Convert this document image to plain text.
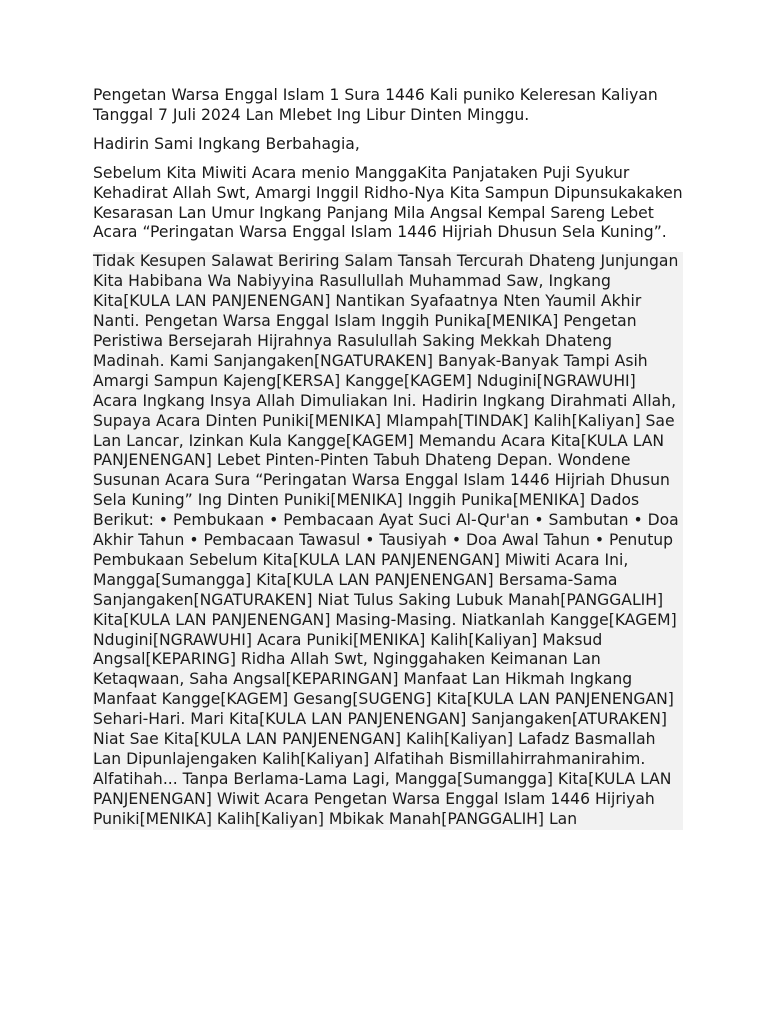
Pengetan Warsa Enggal Islam 1 Sura 1446 Kali puniko Keleresan Kaliyan Tanggal 7 Juli 2024 Lan Mlebet Ing Libur Dinten Minggu.

Hadirin Sami Ingkang Berbahagia,

Sebelum Kita Miwiti Acara menio ManggaKita Panjataken Puji Syukur Kehadirat Allah Swt, Amargi Inggil Ridho-Nya Kita Sampun Dipunsukakaken Kesarasan Lan Umur Ingkang Panjang Mila Angsal Kempal Sareng Lebet Acara “Peringatan Warsa Enggal Islam 1446 Hijriah Dhusun Sela Kuning”.

Tidak Kesupen Salawat Beriring Salam Tansah Tercurah Dhateng Junjungan Kita Habibana Wa Nabiyyina Rasullullah Muhammad Saw, Ingkang Kita[KULA LAN PANJENENGAN] Nantikan Syafaatnya Nten Yaumil Akhir Nanti. Pengetan Warsa Enggal Islam Inggih Punika[MENIKA] Pengetan Peristiwa Bersejarah Hijrahnya Rasulullah Saking Mekkah Dhateng Madinah. Kami Sanjangaken[NGATURAKEN] Banyak-Banyak Tampi Asih Amargi Sampun Kajeng[KERSA] Kangge[KAGEM] Ndugini[NGRAWUHI] Acara Ingkang Insya Allah Dimuliakan Ini. Hadirin Ingkang Dirahmati Allah, Supaya Acara Dinten Puniki[MENIKA] Mlampah[TINDAK] Kalih[Kaliyan] Sae Lan Lancar, Izinkan Kula Kangge[KAGEM] Memandu Acara Kita[KULA LAN PANJENENGAN] Lebet Pinten-Pinten Tabuh Dhateng Depan. Wondene Susunan Acara Sura “Peringatan Warsa Enggal Islam 1446 Hijriah Dhusun Sela Kuning” Ing Dinten Puniki[MENIKA] Inggih Punika[MENIKA] Dados Berikut: • Pembukaan • Pembacaan Ayat Suci Al-Qur'an • Sambutan • Doa Akhir Tahun • Pembacaan Tawasul • Tausiyah • Doa Awal Tahun • Penutup Pembukaan Sebelum Kita[KULA LAN PANJENENGAN] Miwiti Acara Ini, Mangga[Sumangga] Kita[KULA LAN PANJENENGAN] Bersama-Sama Sanjangaken[NGATURAKEN] Niat Tulus Saking Lubuk Manah[PANGGALIH] Kita[KULA LAN PANJENENGAN] Masing-Masing. Niatkanlah Kangge[KAGEM] Ndugini[NGRAWUHI] Acara Puniki[MENIKA] Kalih[Kaliyan] Maksud Angsal[KEPARING] Ridha Allah Swt, Nginggahaken Keimanan Lan Ketaqwaan, Saha Angsal[KEPARINGAN] Manfaat Lan Hikmah Ingkang Manfaat Kangge[KAGEM] Gesang[SUGENG] Kita[KULA LAN PANJENENGAN] Sehari-Hari. Mari Kita[KULA LAN PANJENENGAN] Sanjangaken[ATURAKEN] Niat Sae Kita[KULA LAN PANJENENGAN] Kalih[Kaliyan] Lafadz Basmallah Lan Dipunlajengaken Kalih[Kaliyan] Alfatihah Bismillahirrahmanirahim. Alfatihah... Tanpa Berlama-Lama Lagi, Mangga[Sumangga] Kita[KULA LAN PANJENENGAN] Wiwit Acara Pengetan Warsa Enggal Islam 1446 Hijriyah Puniki[MENIKA] Kalih[Kaliyan] Mbikak Manah[PANGGALIH] Lan
